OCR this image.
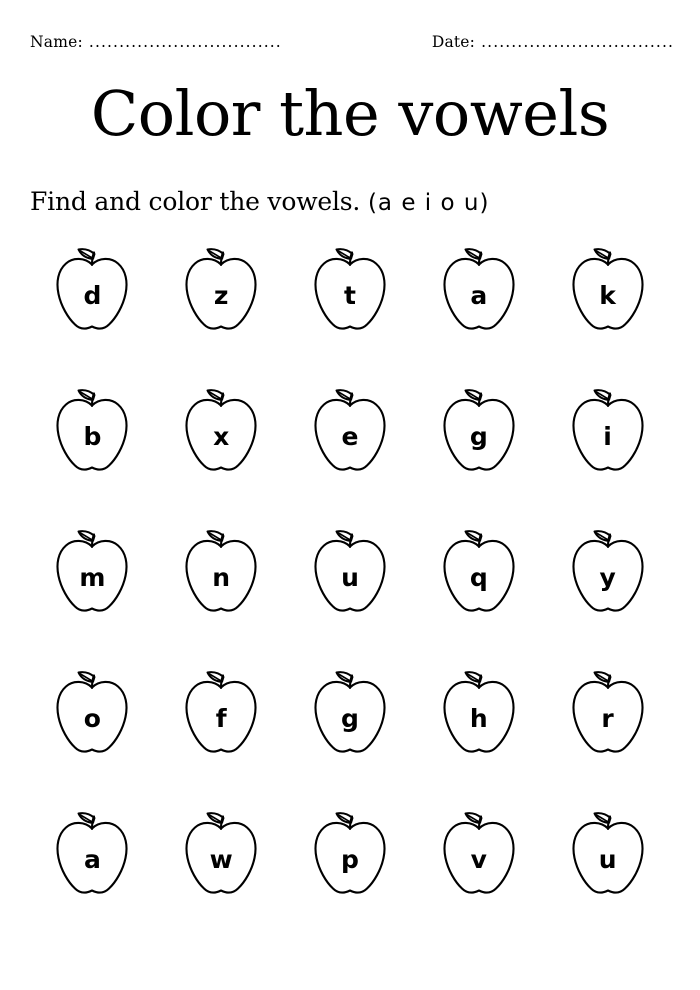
Name: ................................	Date: ................................
Color the vowels
Find and color the vowels. (a e i o u)
d	z	t	a	k
b	x	e	g	i
m	n	u	q	y
o	f	g	h	r
a	w	p	v	u
